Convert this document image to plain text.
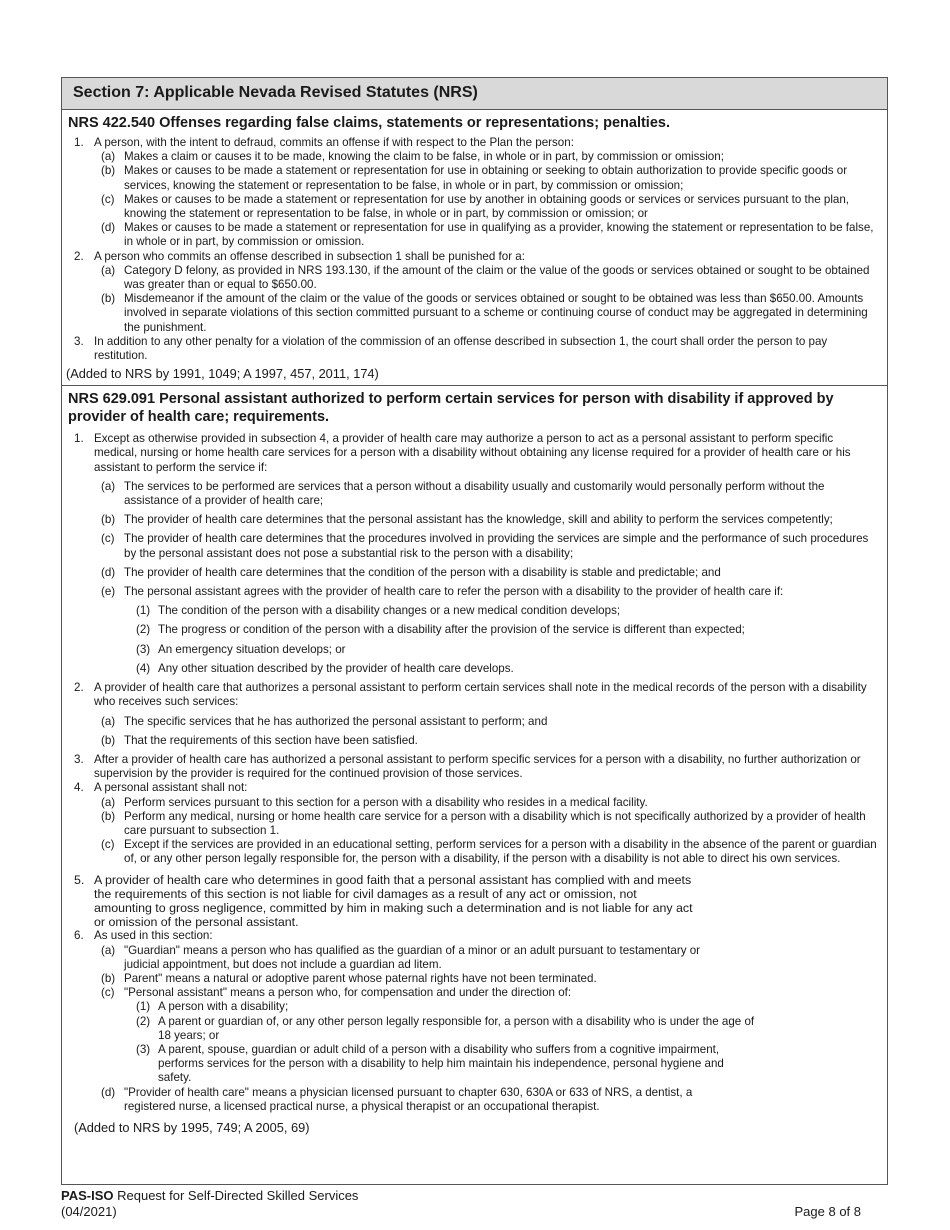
Section 7: Applicable Nevada Revised Statutes (NRS)
NRS 422.540 Offenses regarding false claims, statements or representations; penalties.
1. A person, with the intent to defraud, commits an offense if with respect to the Plan the person:
(a) Makes a claim or causes it to be made, knowing the claim to be false, in whole or in part, by commission or omission;
(b) Makes or causes to be made a statement or representation for use in obtaining or seeking to obtain authorization to provide specific goods or services, knowing the statement or representation to be false, in whole or in part, by commission or omission;
(c) Makes or causes to be made a statement or representation for use by another in obtaining goods or services or services pursuant to the plan, knowing the statement or representation to be false, in whole or in part, by commission or omission; or
(d) Makes or causes to be made a statement or representation for use in qualifying as a provider, knowing the statement or representation to be false, in whole or in part, by commission or omission.
2. A person who commits an offense described in subsection 1 shall be punished for a:
(a) Category D felony, as provided in NRS 193.130, if the amount of the claim or the value of the goods or services obtained or sought to be obtained was greater than or equal to $650.00.
(b) Misdemeanor if the amount of the claim or the value of the goods or services obtained or sought to be obtained was less than $650.00. Amounts involved in separate violations of this section committed pursuant to a scheme or continuing course of conduct may be aggregated in determining the punishment.
3. In addition to any other penalty for a violation of the commission of an offense described in subsection 1, the court shall order the person to pay restitution.
(Added to NRS by 1991, 1049; A 1997, 457, 2011, 174)
NRS 629.091 Personal assistant authorized to perform certain services for person with disability if approved by provider of health care; requirements.
1. Except as otherwise provided in subsection 4, a provider of health care may authorize a person to act as a personal assistant to perform specific medical, nursing or home health care services for a person with a disability without obtaining any license required for a provider of health care or his assistant to perform the service if:
(a) The services to be performed are services that a person without a disability usually and customarily would personally perform without the assistance of a provider of health care;
(b) The provider of health care determines that the personal assistant has the knowledge, skill and ability to perform the services competently;
(c) The provider of health care determines that the procedures involved in providing the services are simple and the performance of such procedures by the personal assistant does not pose a substantial risk to the person with a disability;
(d) The provider of health care determines that the condition of the person with a disability is stable and predictable; and
(e) The personal assistant agrees with the provider of health care to refer the person with a disability to the provider of health care if:
(1) The condition of the person with a disability changes or a new medical condition develops;
(2) The progress or condition of the person with a disability after the provision of the service is different than expected;
(3) An emergency situation develops; or
(4) Any other situation described by the provider of health care develops.
2. A provider of health care that authorizes a personal assistant to perform certain services shall note in the medical records of the person with a disability who receives such services:
(a) The specific services that he has authorized the personal assistant to perform; and
(b) That the requirements of this section have been satisfied.
3. After a provider of health care has authorized a personal assistant to perform specific services for a person with a disability, no further authorization or supervision by the provider is required for the continued provision of those services.
4. A personal assistant shall not:
(a) Perform services pursuant to this section for a person with a disability who resides in a medical facility.
(b) Perform any medical, nursing or home health care service for a person with a disability which is not specifically authorized by a provider of health care pursuant to subsection 1.
(c) Except if the services are provided in an educational setting, perform services for a person with a disability in the absence of the parent or guardian of, or any other person legally responsible for, the person with a disability, if the person with a disability is not able to direct his own services.
5. A provider of health care who determines in good faith that a personal assistant has complied with and meets the requirements of this section is not liable for civil damages as a result of any act or omission, not amounting to gross negligence, committed by him in making such a determination and is not liable for any act or omission of the personal assistant.
6. As used in this section:
(a) "Guardian" means a person who has qualified as the guardian of a minor or an adult pursuant to testamentary or judicial appointment, but does not include a guardian ad litem.
(b) Parent" means a natural or adoptive parent whose paternal rights have not been terminated.
(c) "Personal assistant" means a person who, for compensation and under the direction of:
(1) A person with a disability;
(2) A parent or guardian of, or any other person legally responsible for, a person with a disability who is under the age of 18 years; or
(3) A parent, spouse, guardian or adult child of a person with a disability who suffers from a cognitive impairment, performs services for the person with a disability to help him maintain his independence, personal hygiene and safety.
(d) "Provider of health care" means a physician licensed pursuant to chapter 630, 630A or 633 of NRS, a dentist, a registered nurse, a licensed practical nurse, a physical therapist or an occupational therapist.
(Added to NRS by 1995, 749; A 2005, 69)
PAS-ISO Request for Self-Directed Skilled Services
(04/2021)	Page 8 of 8
